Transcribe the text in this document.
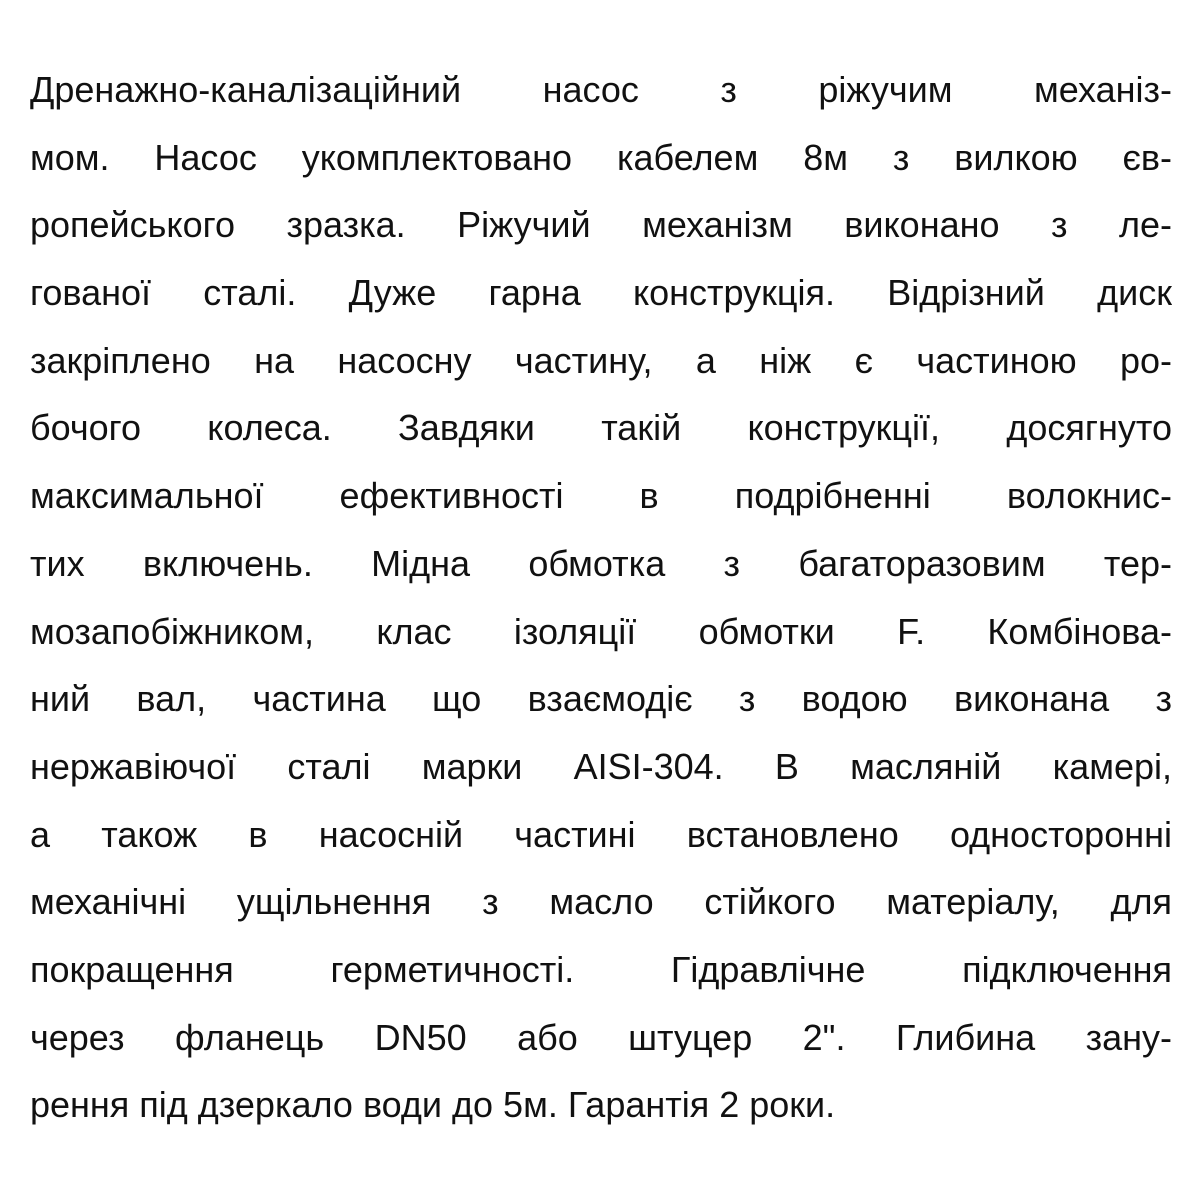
Дренажно-каналізаційний насос з ріжучим механіз-
мом. Насос укомплектовано кабелем 8м з вилкою єв-
ропейського зразка. Ріжучий механізм виконано з ле-
гованої сталі. Дуже гарна конструкція. Відрізний диск
закріплено на насосну частину, а ніж є частиною ро-
бочого колеса. Завдяки такій конструкції, досягнуто
максимальної ефективності в подрібненні волокнис-
тих включень. Мідна обмотка з багаторазовим тер-
мозапобіжником, клас ізоляції обмотки F. Комбінова-
ний вал, частина що взаємодіє з водою виконана з
нержавіючої сталі марки AISI-304. В масляній камері,
а також в насосній частині встановлено односторонні
механічні ущільнення з масло стійкого матеріалу, для
покращення герметичності. Гідравлічне підключення
через фланець DN50 або штуцер 2". Глибина зану-
рення під дзеркало води до 5м. Гарантія 2 роки.
